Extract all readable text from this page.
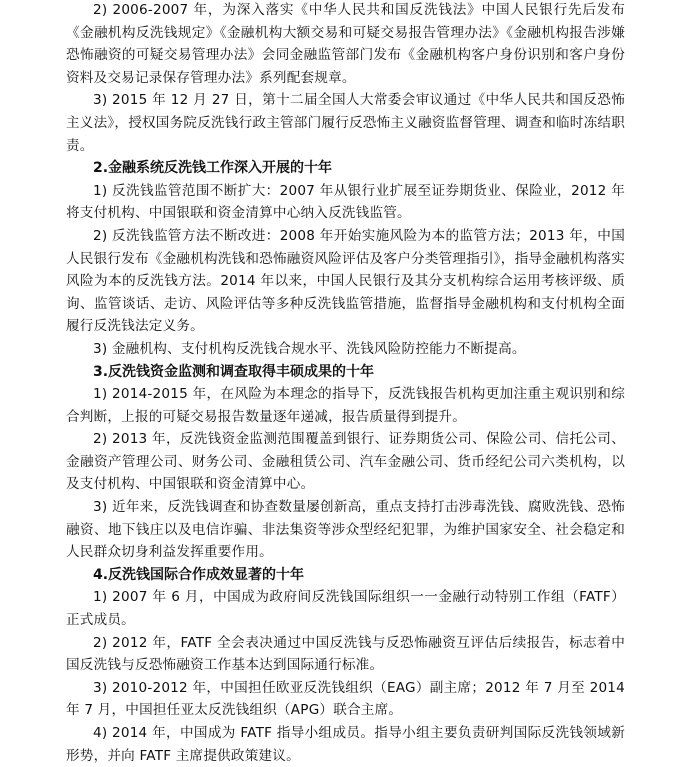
2) 2006-2007 年，为深入落实《中华人民共和国反洗钱法》中国人民银行先后发布《金融机构反洗钱规定》《金融机构大额交易和可疑交易报告管理办法》《金融机构报告涉嫌恐怖融资的可疑交易管理办法》会同金融监管部门发布《金融机构客户身份识别和客户身份资料及交易记录保存管理办法》系列配套规章。

3) 2015 年 12 月 27 日，第十二届全国人大常委会审议通过《中华人民共和国反恐怖主义法》，授权国务院反洗钱行政主管部门履行反恐怖主义融资监督管理、调查和临时冻结职责。

2.金融系统反洗钱工作深入开展的十年

1) 反洗钱监管范围不断扩大：2007 年从银行业扩展至证券期货业、保险业，2012 年将支付机构、中国银联和资金清算中心纳入反洗钱监管。

2) 反洗钱监管方法不断改进：2008 年开始实施风险为本的监管方法；2013 年，中国人民银行发布《金融机构洗钱和恐怖融资风险评估及客户分类管理指引》，指导金融机构落实风险为本的反洗钱方法。2014 年以来，中国人民银行及其分支机构综合运用考核评级、质询、监管谈话、走访、风险评估等多种反洗钱监管措施，监督指导金融机构和支付机构全面履行反洗钱法定义务。

3) 金融机构、支付机构反洗钱合规水平、洗钱风险防控能力不断提高。

3.反洗钱资金监测和调查取得丰硕成果的十年

1) 2014-2015 年，在风险为本理念的指导下，反洗钱报告机构更加注重主观识别和综合判断，上报的可疑交易报告数量逐年递减，报告质量得到提升。

2) 2013 年，反洗钱资金监测范围覆盖到银行、证券期货公司、保险公司、信托公司、金融资产管理公司、财务公司、金融租赁公司、汽车金融公司、货币经纪公司六类机构，以及支付机构、中国银联和资金清算中心。

3) 近年来，反洗钱调查和协查数量屡创新高，重点支持打击涉毒洗钱、腐败洗钱、恐怖融资、地下钱庄以及电信诈骗、非法集资等涉众型经纪犯罪，为维护国家安全、社会稳定和人民群众切身利益发挥重要作用。

4.反洗钱国际合作成效显著的十年

1) 2007 年 6 月，中国成为政府间反洗钱国际组织一一金融行动特别工作组（FATF）正式成员。

2) 2012 年，FATF 全会表决通过中国反洗钱与反恐怖融资互评估后续报告，标志着中国反洗钱与反恐怖融资工作基本达到国际通行标准。

3) 2010-2012 年，中国担任欧亚反洗钱组织（EAG）副主席；2012 年 7 月至 2014 年 7 月，中国担任亚太反洗钱组织（APG）联合主席。

4) 2014 年，中国成为 FATF 指导小组成员。指导小组主要负责研判国际反洗钱领域新形势，并向 FATF 主席提供政策建议。
